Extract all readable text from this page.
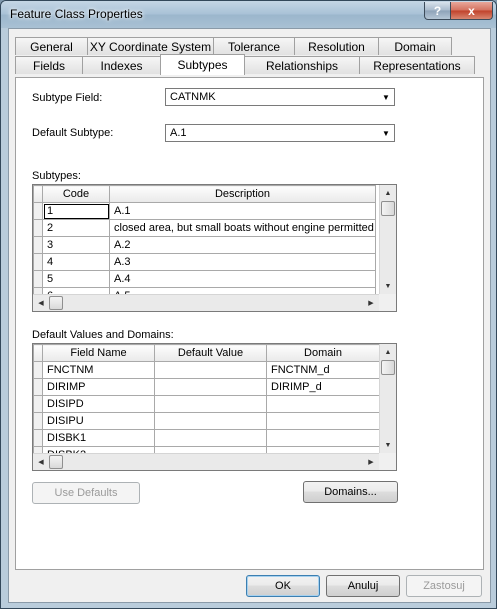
Feature Class Properties	? x
General	XY Coordinate System	Tolerance	Resolution	Domain
Fields	Indexes	Subtypes	Relationships	Representations
Subtype Field:	CATNMK	▼
Default Subtype:	A.1	▼
Subtypes:
	Code	Description
	1	A.1
	2	closed area, but small boats without engine permitted
	3	A.2
	4	A.3
	5	A.4

▲
▼
◀	▶
Default Values and Domains:
	Field Name	Default Value	Domain
	FNCTNM		FNCTNM_d
	DIRIMP		DIRIMP_d
	DISIPD		
	DISIPU		
	DISBK1		

▲
▼
◀	▶
Use Defaults	Domains...
OK	Anuluj	Zastosuj
